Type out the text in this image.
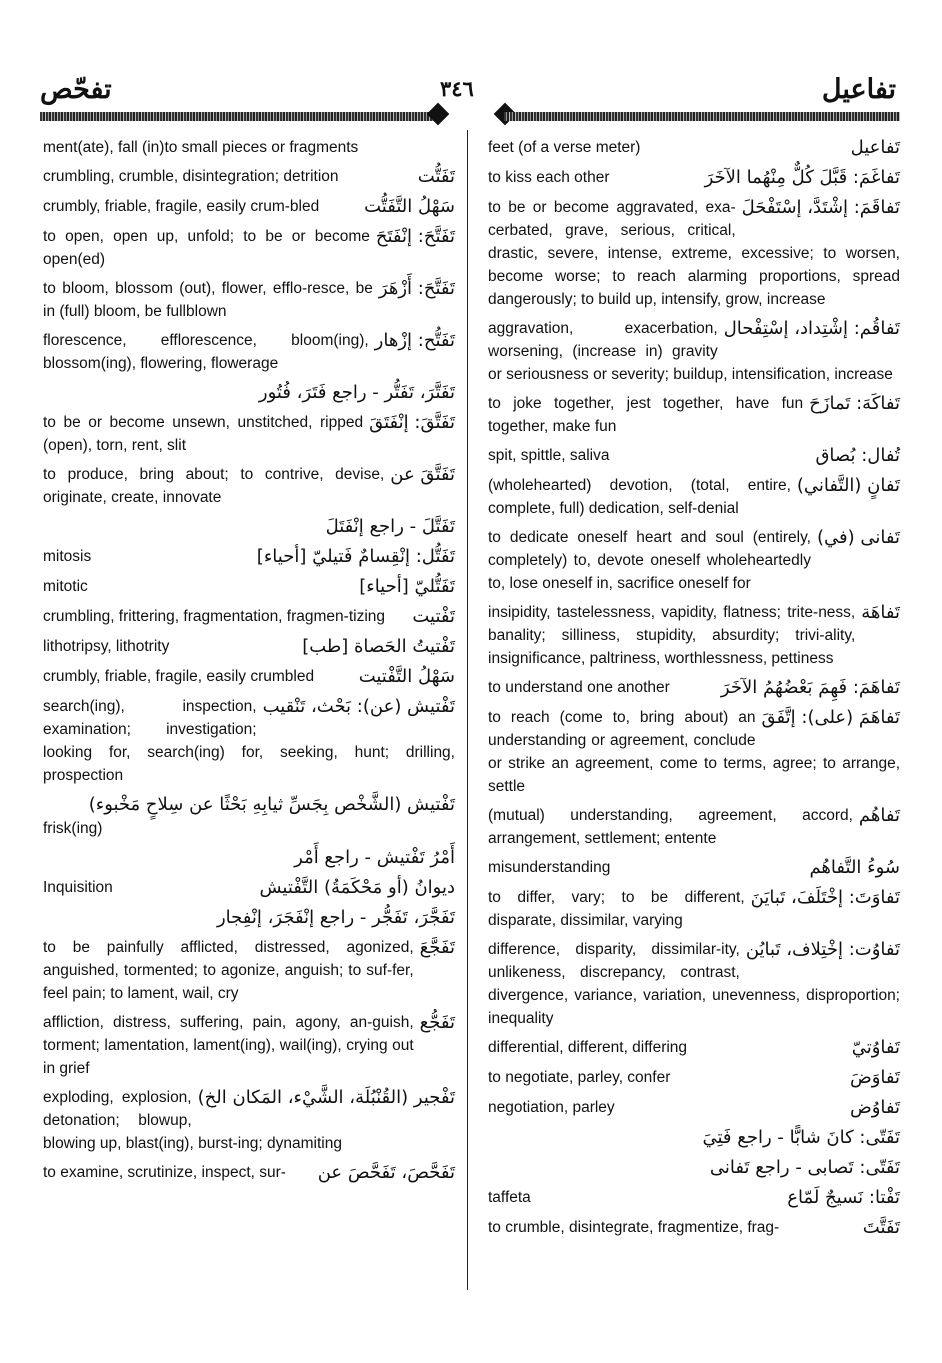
تفحّص	٣٤٦	تفاعيل
ment(ate), fall (in)to small pieces or fragments
تَفَتُّت
crumbling, crumble, disintegration; detrition
سَهْلُ التَّفَتُّت
crumbly, friable, fragile, easily crum-bled
تَفَتَّحَ: إنْفَتَحَ
to open, open up, unfold; to be or become open(ed)
تَفَتَّحَ: أَزْهَرَ
to bloom, blossom (out), flower, efflo-resce, be in (full) bloom, be fullblown
تَفَتُّح: إزْهار
florescence, efflorescence, bloom(ing), blossom(ing), flowering, flowerage
تَفَتَّرَ، تَفَتُّر - راجع فَتَرَ، فُتُور
تَفَتَّقَ: إنْفَتَقَ
to be or become unsewn, unstitched, ripped (open), torn, rent, slit
تَفَتَّقَ عن
to produce, bring about; to contrive, devise, originate, create, innovate
تَفَتَّلَ - راجع إنْفَتَلَ
تَفَتُّل: إنْقِسامٌ فَتيليّ [أحياء]
mitosis
تَفَتُّليّ [أحياء]
mitotic
تَفْتيت
crumbling, frittering, fragmentation, fragmen-tizing
تَفْتيتُ الحَصاة [طب]
lithotripsy, lithotrity
سَهْلُ التَّفْتيت
crumbly, friable, fragile, easily crumbled
تَفْتيش (عن): بَحْث، تَنْقيب
search(ing), inspection, examination; investigation; looking for, search(ing) for, seeking, hunt; drilling, prospection
تَفْتيش (الشَّخْص بِجَسِّ ثيابِهِ بَحْثًا عن سِلاحٍ مَخْبوء)
frisk(ing)
أَمْرُ تَفْتيش - راجع أَمْر
ديوانُ (أو مَحْكَمَةُ) التَّفْتيش
Inquisition
تَفَجَّرَ، تَفَجُّر - راجع إنْفَجَرَ، إنْفِجار
تَفَجَّعَ
to be painfully afflicted, distressed, agonized, anguished, tormented; to agonize, anguish; to suf-fer, feel pain; to lament, wail, cry
تَفَجُّع
affliction, distress, suffering, pain, agony, an-guish, torment; lamentation, lament(ing), wail(ing), crying out in grief
تَفْجير (القُنْبُلَة، الشَّيْء، المَكان الخ)
exploding, explosion, detonation; blowup, blowing up, blast(ing), burst-ing; dynamiting
تَفَحَّصَ، تَفَحَّصَ عن
to examine, scrutinize, inspect, sur-
تَفاعيل
feet (of a verse meter)
تَفاغَمَ: قَبَّلَ كُلٌّ مِنْهُما الآخَرَ
to kiss each other
تَفاقَمَ: إشْتَدَّ، إسْتَفْحَلَ
to be or become aggravated, exa-cerbated, grave, serious, critical, drastic, severe, intense, extreme, excessive; to worsen, become worse; to reach alarming proportions, spread dangerously; to build up, intensify, grow, increase
تَفاقُم: إشْتِداد، إسْتِفْحال
aggravation, exacerbation, worsening, (increase in) gravity or seriousness or severity; buildup, intensification, increase
تَفاكَهَ: تَمازَحَ
to joke together, jest together, have fun together, make fun
تُفال: بُصاق
spit, spittle, saliva
تَفانٍ (التَّفاني)
(wholehearted) devotion, (total, entire, complete, full) dedication, self-denial
تَفانى (في)
to dedicate oneself heart and soul (entirely, completely) to, devote oneself wholeheartedly to, lose oneself in, sacrifice oneself for
تَفاهَة
insipidity, tastelessness, vapidity, flatness; trite-ness, banality; silliness, stupidity, absurdity; trivi-ality, insignificance, paltriness, worthlessness, pettiness
تَفاهَمَ: فَهِمَ بَعْضُهُمُ الآخَرَ
to understand one another
تَفاهَمَ (على): إتَّفَقَ
to reach (come to, bring about) an understanding or agreement, conclude or strike an agreement, come to terms, agree; to arrange, settle
تَفاهُم
(mutual) understanding, agreement, accord, arrangement, settlement; entente
سُوءُ التَّفاهُم
misunderstanding
تَفاوَتَ: إخْتَلَفَ، تَبايَنَ
to differ, vary; to be different, disparate, dissimilar, varying
تَفاوُت: إخْتِلاف، تَبايُن
difference, disparity, dissimilar-ity, unlikeness, discrepancy, contrast, divergence, variance, variation, unevenness, disproportion; inequality
تَفاوُتيّ
differential, different, differing
تَفاوَضَ
to negotiate, parley, confer
تَفاوُض
negotiation, parley
تَفَتّى: كانَ شابًّا - راجع فَتِيَ
تَفَتّى: تَصابى - راجع تَفانى
تَفْتا: نَسيجٌ لَمّاع
taffeta
تَفَتَّتَ
to crumble, disintegrate, fragmentize, frag-
